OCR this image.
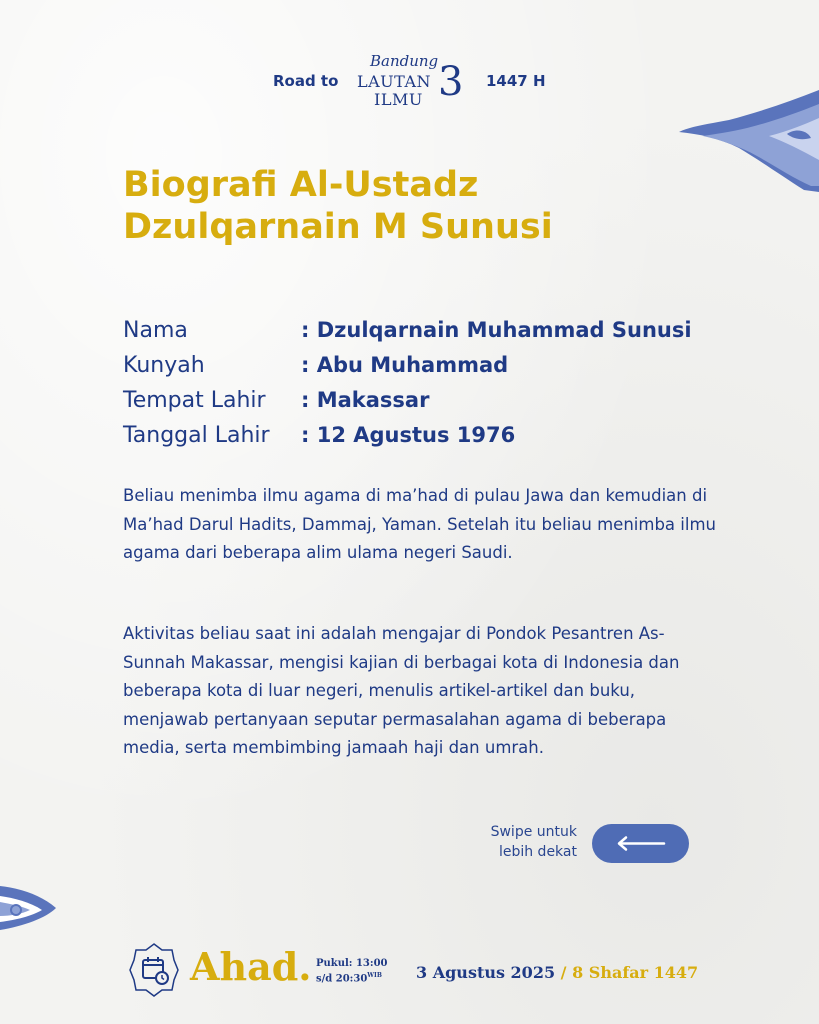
Road to
Bandung
LAUTAN
ILMU 3 1447 H
Biografi Al-Ustadz Dzulqarnain M Sunusi
Nama	: Dzulqarnain Muhammad Sunusi
Kunyah	: Abu Muhammad
Tempat Lahir : Makassar
Tanggal Lahir : 12 Agustus 1976

Beliau menimba ilmu agama di ma’had di pulau Jawa dan kemudian di Ma’had Darul Hadits, Dammaj, Yaman. Setelah itu beliau menimba ilmu agama dari beberapa alim ulama negeri Saudi.

Aktivitas beliau saat ini adalah mengajar di Pondok Pesantren As-Sunnah Makassar, mengisi kajian di berbagai kota di Indonesia dan beberapa kota di luar negeri, menulis artikel-artikel dan buku, menjawab pertanyaan seputar permasalahan agama di beberapa media, serta membimbing jamaah haji dan umrah.

Swipe untuk
lebih dekat
Ahad. Pukul: 13:00
s/d $20:30^{WIB}$	3 Agustus 2025 / 8 Shafar 1447
